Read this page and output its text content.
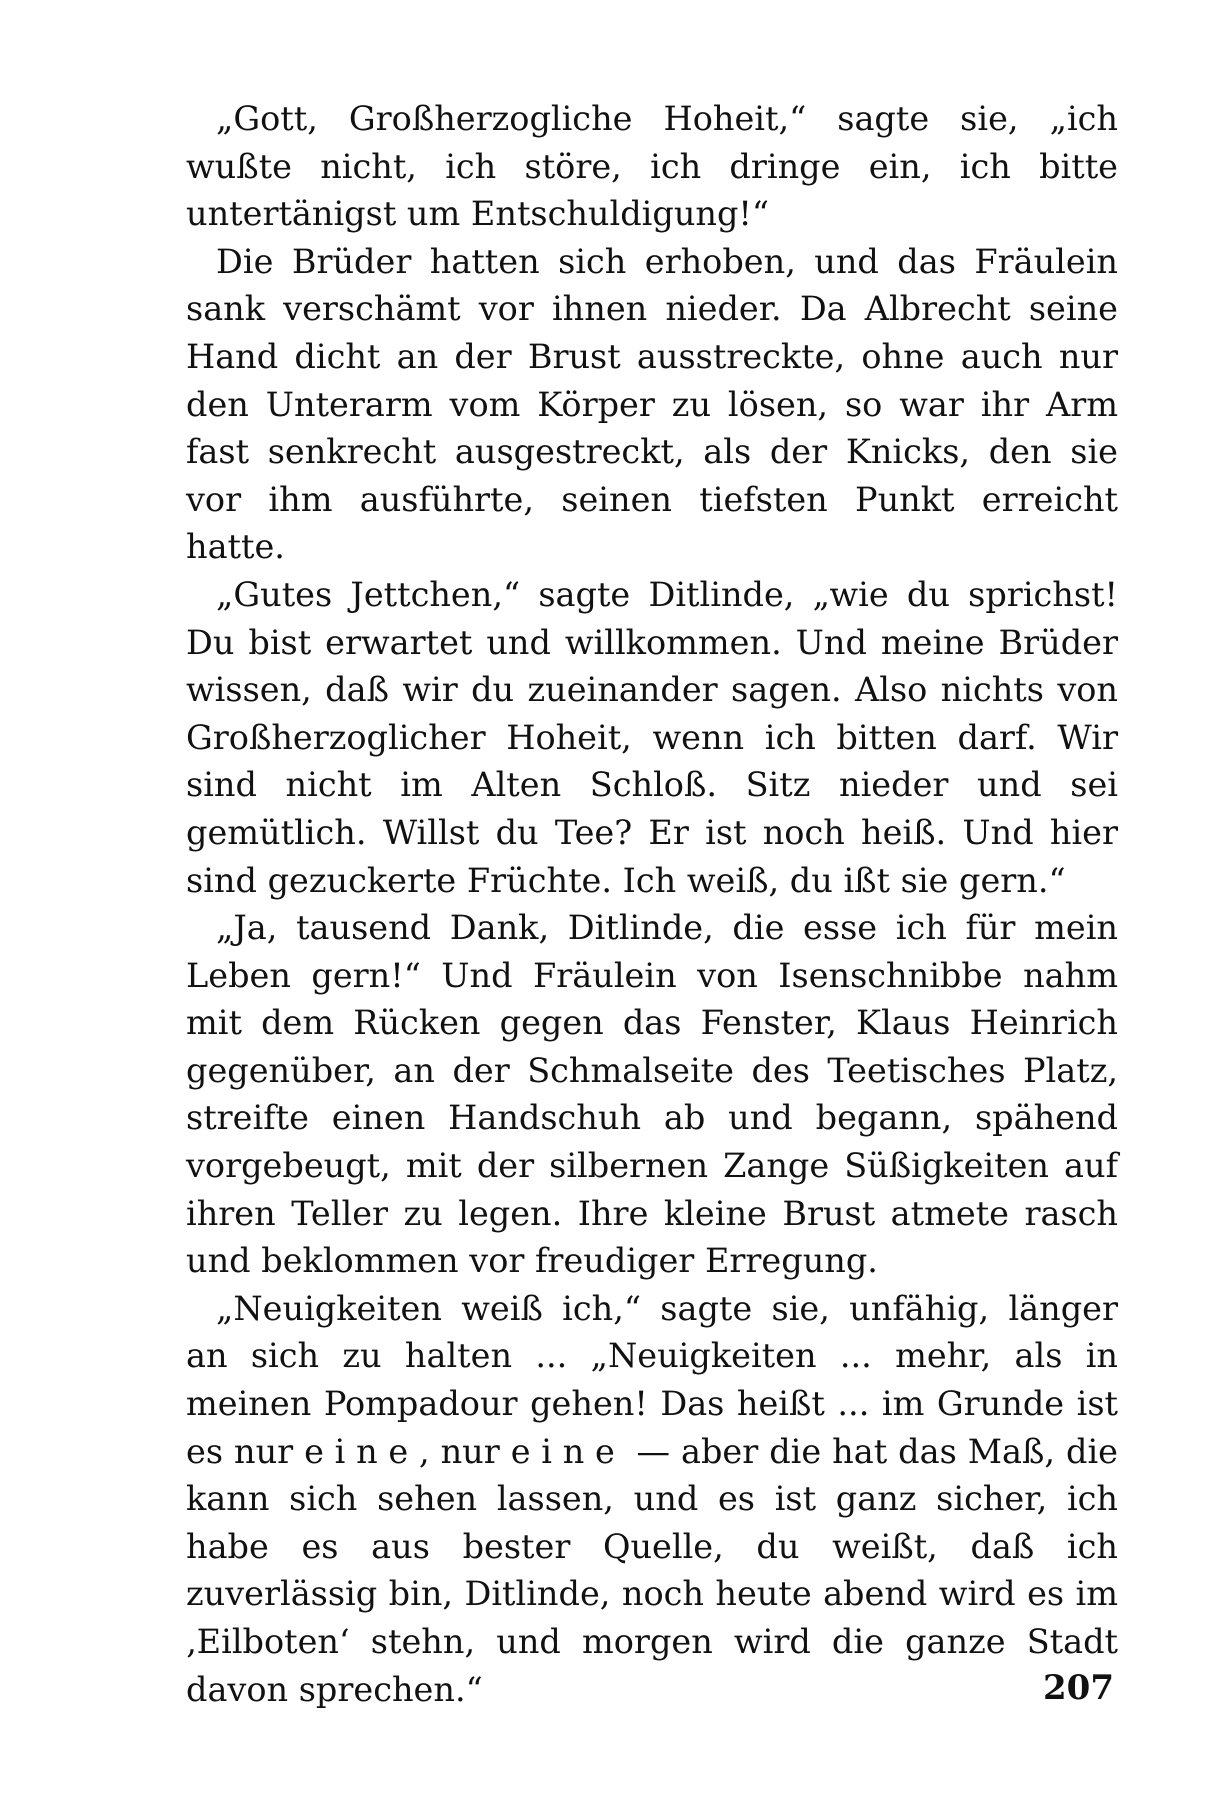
„Gott, Großherzogliche Hoheit,“ sagte sie, „ich wußte nicht, ich störe, ich dringe ein, ich bitte untertänigst um Entschuldigung!“

Die Brüder hatten sich erhoben, und das Fräulein sank verschämt vor ihnen nieder. Da Albrecht seine Hand dicht an der Brust ausstreckte, ohne auch nur den Unterarm vom Körper zu lösen, so war ihr Arm fast senkrecht ausgestreckt, als der Knicks, den sie vor ihm ausführte, seinen tiefsten Punkt erreicht hatte.

„Gutes Jettchen,“ sagte Ditlinde, „wie du sprichst! Du bist erwartet und willkommen. Und meine Brüder wissen, daß wir du zueinander sagen. Also nichts von Großherzoglicher Hoheit, wenn ich bitten darf. Wir sind nicht im Alten Schloß. Sitz nieder und sei gemütlich. Willst du Tee? Er ist noch heiß. Und hier sind gezuckerte Früchte. Ich weiß, du ißt sie gern.“

„Ja, tausend Dank, Ditlinde, die esse ich für mein Leben gern!“ Und Fräulein von Isenschnibbe nahm mit dem Rücken gegen das Fenster, Klaus Heinrich gegenüber, an der Schmalseite des Teetisches Platz, streifte einen Handschuh ab und begann, spähend vorgebeugt, mit der silbernen Zange Süßigkeiten auf ihren Teller zu legen. Ihre kleine Brust atmete rasch und beklommen vor freudiger Erregung.

„Neuigkeiten weiß ich,“ sagte sie, unfähig, länger an sich zu halten ... „Neuigkeiten ... mehr, als in meinen Pompadour gehen! Das heißt ... im Grunde ist es nur eine, nur eine — aber die hat das Maß, die kann sich sehen lassen, und es ist ganz sicher, ich habe es aus bester Quelle, du weißt, daß ich zuverlässig bin, Ditlinde, noch heute abend wird es im ‚Eilboten‘ stehn, und morgen wird die ganze Stadt davon sprechen.“	207
